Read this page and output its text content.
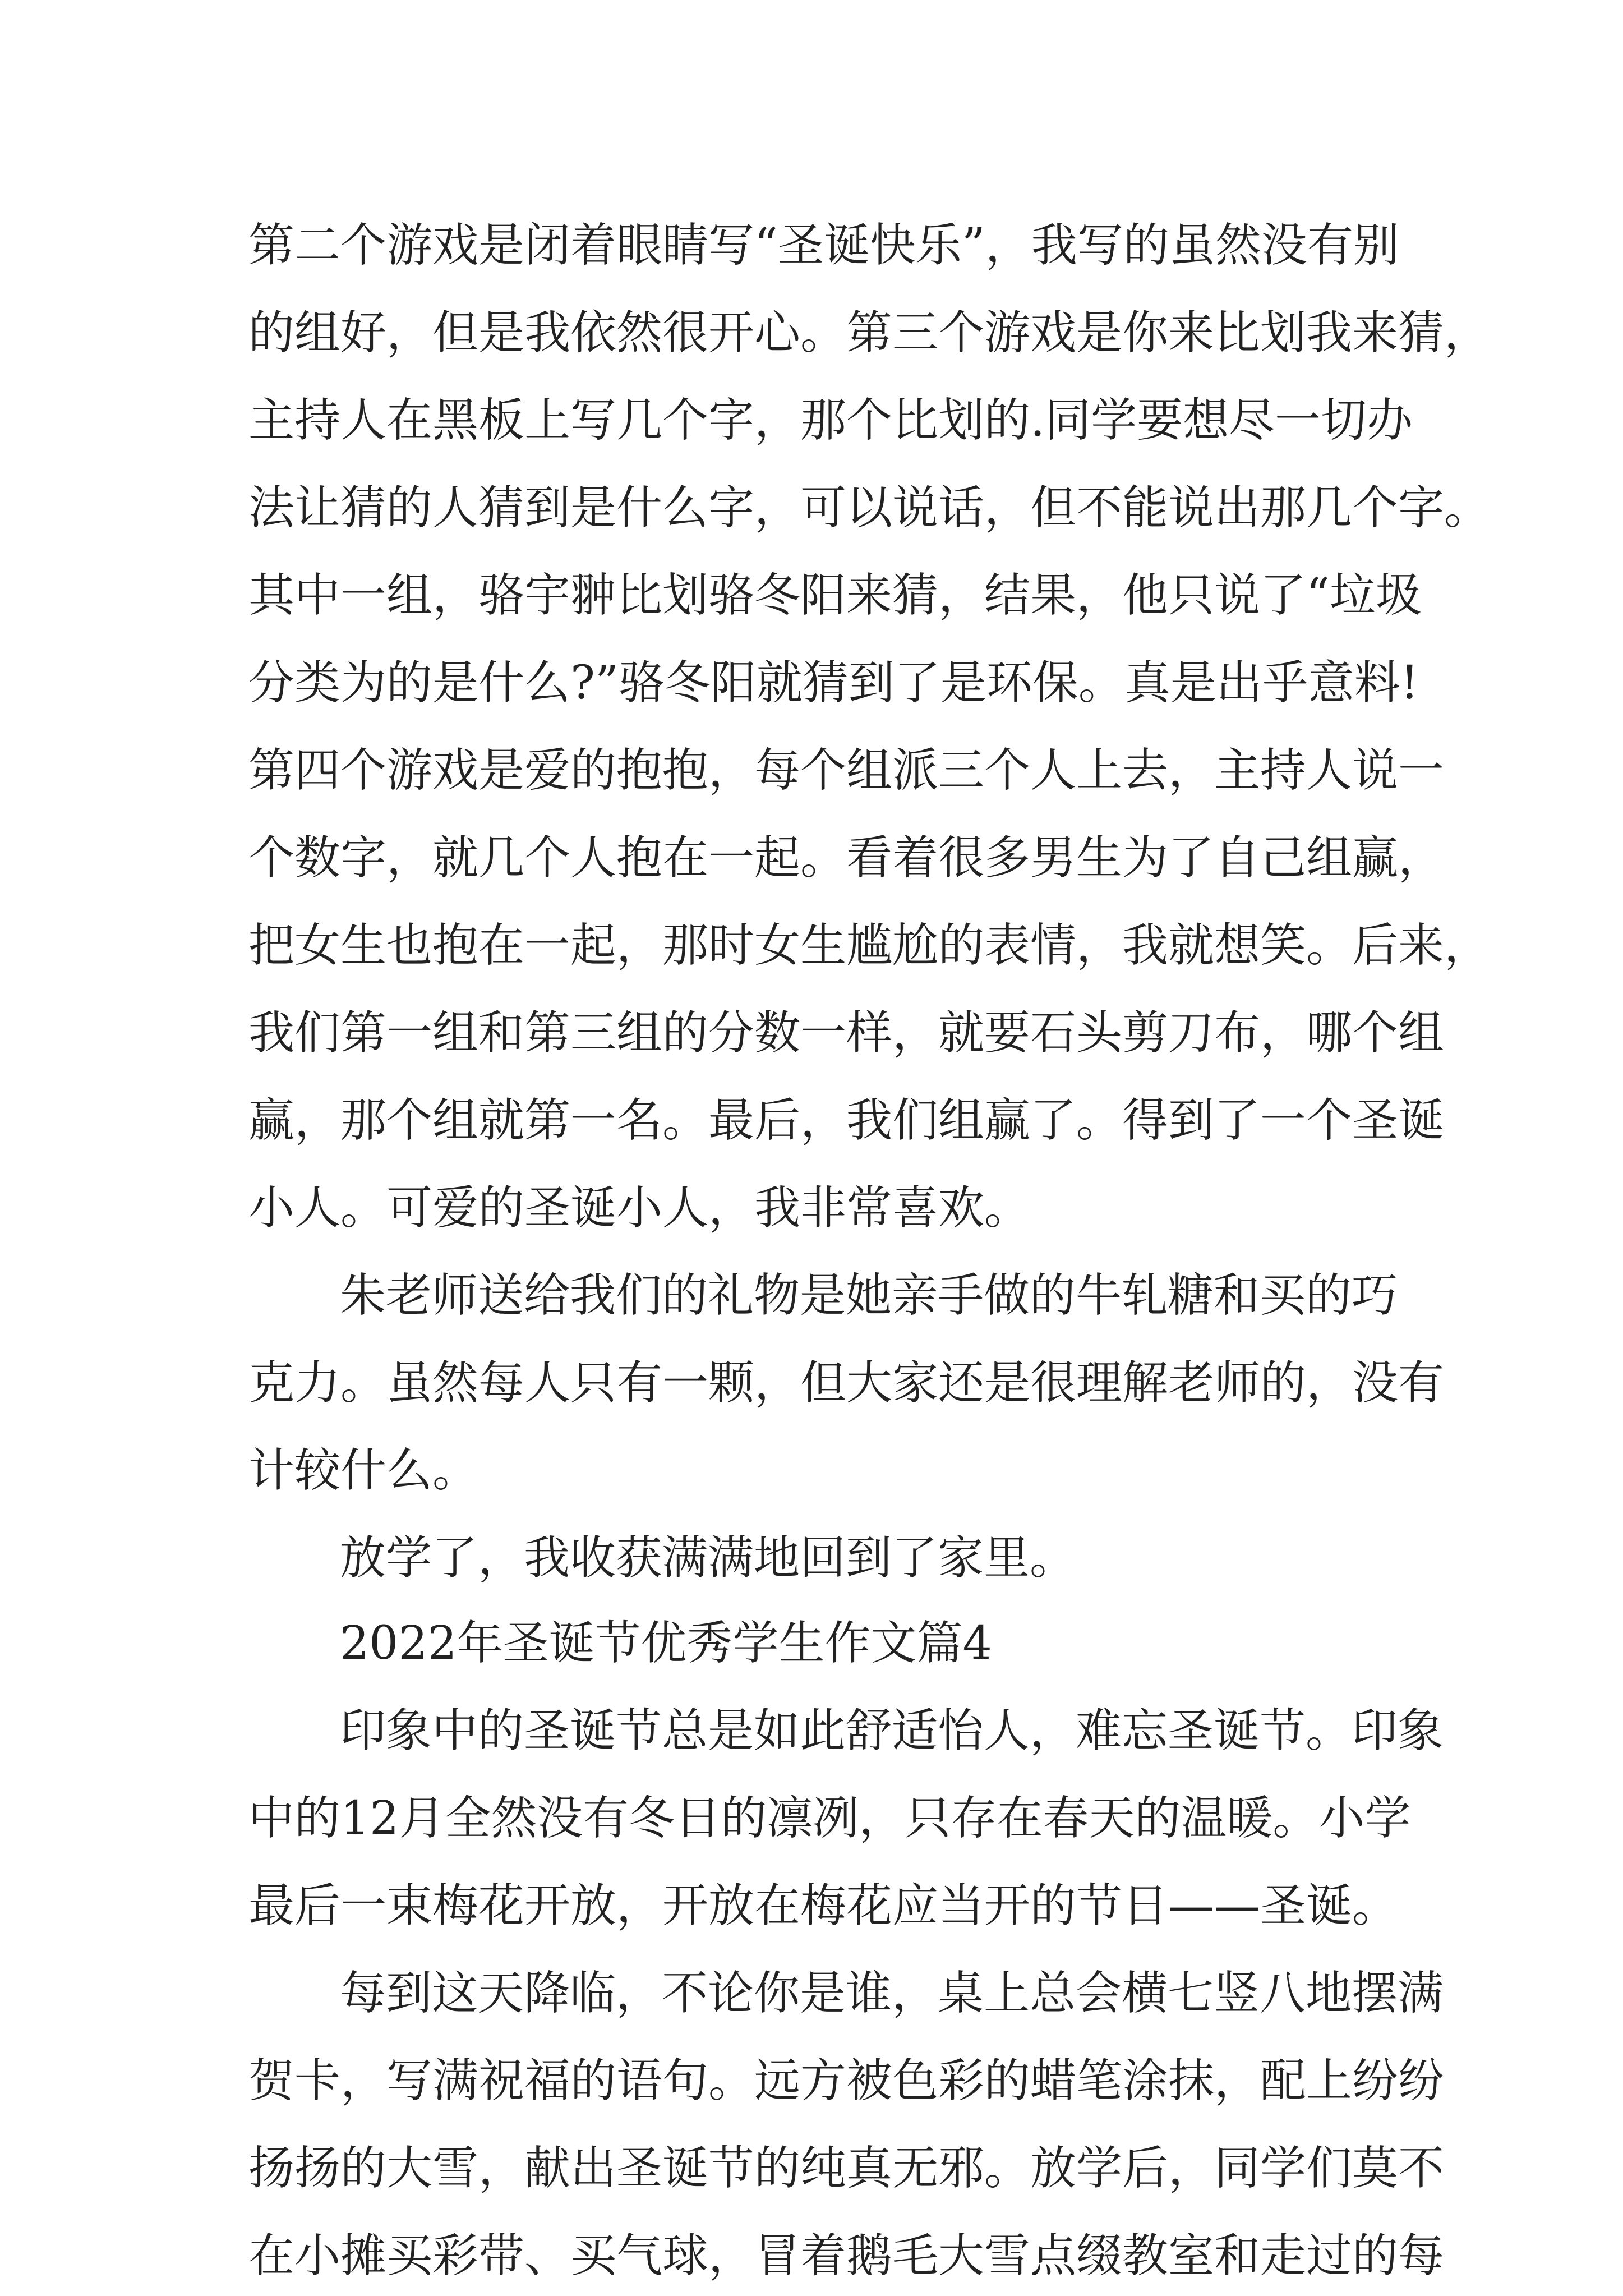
第二个游戏是闭着眼睛写“圣诞快乐”，我写的虽然没有别
的组好，但是我依然很开心。第三个游戏是你来比划我来猜，
主持人在黑板上写几个字，那个比划的.同学要想尽一切办
法让猜的人猜到是什么字，可以说话，但不能说出那几个字。
其中一组，骆宇翀比划骆冬阳来猜，结果，他只说了“垃圾
分类为的是什么?”骆冬阳就猜到了是环保。真是出乎意料!
第四个游戏是爱的抱抱，每个组派三个人上去，主持人说一
个数字，就几个人抱在一起。看着很多男生为了自己组赢，
把女生也抱在一起，那时女生尴尬的表情，我就想笑。后来，
我们第一组和第三组的分数一样，就要石头剪刀布，哪个组
赢，那个组就第一名。最后，我们组赢了。得到了一个圣诞
小人。可爱的圣诞小人，我非常喜欢。
朱老师送给我们的礼物是她亲手做的牛轧糖和买的巧
克力。虽然每人只有一颗，但大家还是很理解老师的，没有
计较什么。
放学了，我收获满满地回到了家里。
2022年圣诞节优秀学生作文篇4
印象中的圣诞节总是如此舒适怡人，难忘圣诞节。印象
中的12月全然没有冬日的凛冽，只存在春天的温暖。小学
最后一束梅花开放，开放在梅花应当开的节日——圣诞。
每到这天降临，不论你是谁，桌上总会横七竖八地摆满
贺卡，写满祝福的语句。远方被色彩的蜡笔涂抹，配上纷纷
扬扬的大雪，献出圣诞节的纯真无邪。放学后，同学们莫不
在小摊买彩带、买气球，冒着鹅毛大雪点缀教室和走过的每
